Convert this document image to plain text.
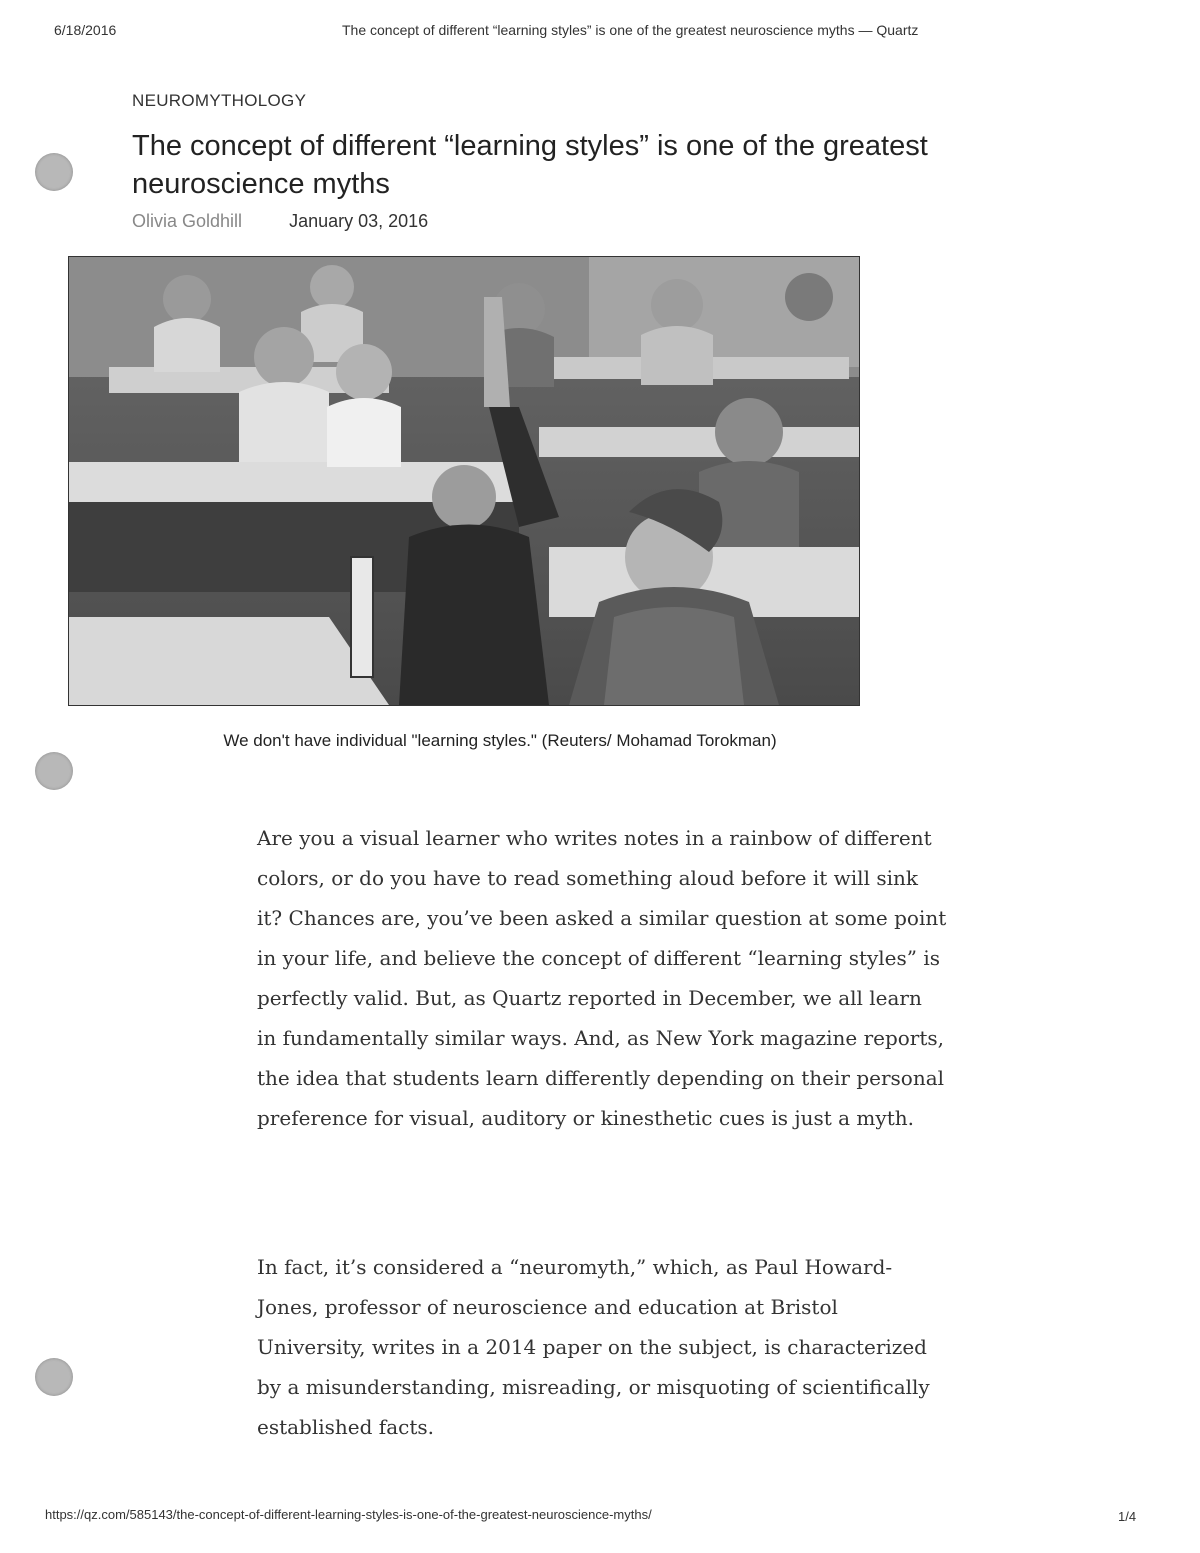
6/18/2016	The concept of different “learning styles” is one of the greatest neuroscience myths — Quartz
NEUROMYTHOLOGY
The concept of different “learning styles” is one of the greatest neuroscience myths
Olivia Goldhill	January 03, 2016
We don't have individual "learning styles." (Reuters/ Mohamad Torokman)

Are you a visual learner who writes notes in a rainbow of different colors, or do you have to read something aloud before it will sink it? Chances are, you’ve been asked a similar question at some point in your life, and believe the concept of different “learning styles” is perfectly valid. But, as Quartz reported in December, we all learn in fundamentally similar ways. And, as New York magazine reports, the idea that students learn differently depending on their personal preference for visual, auditory or kinesthetic cues is just a myth.

In fact, it’s considered a “neuromyth,” which, as Paul Howard-Jones, professor of neuroscience and education at Bristol University, writes in a 2014 paper on the subject, is characterized by a misunderstanding, misreading, or misquoting of scientifically established facts.

https://qz.com/585143/the-concept-of-different-learning-styles-is-one-of-the-greatest-neuroscience-myths/	1/4
